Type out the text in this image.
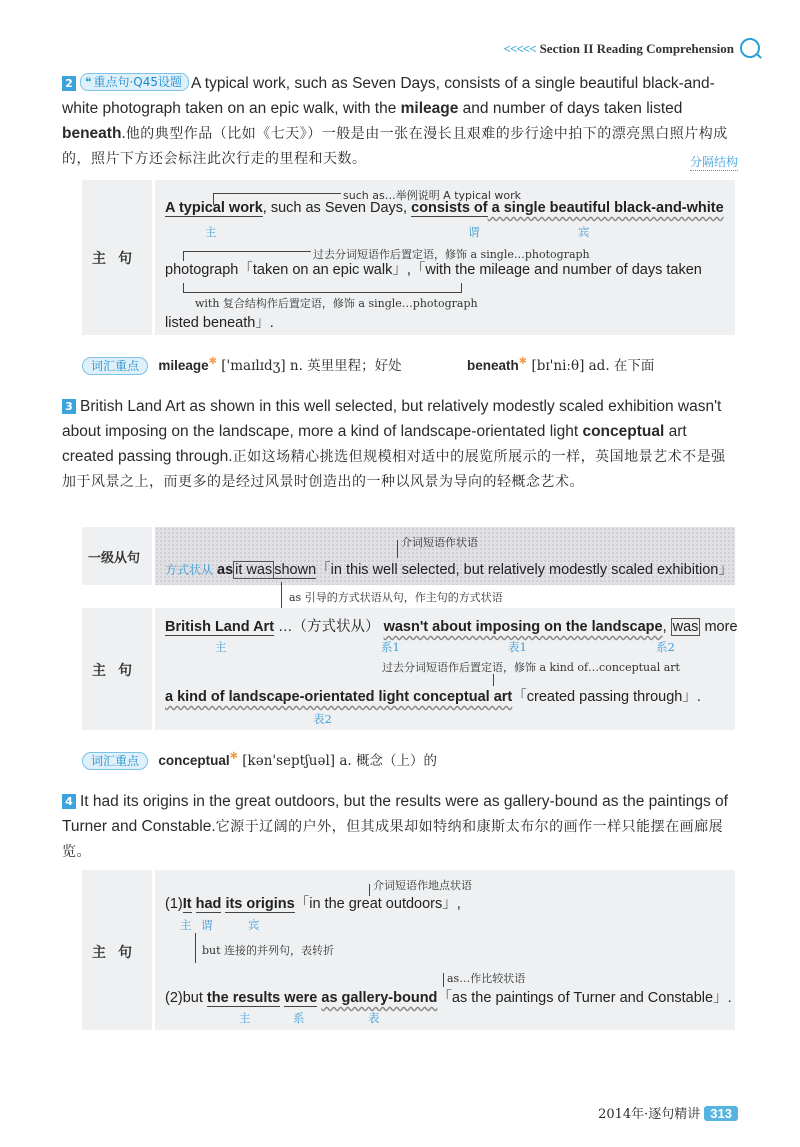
<<<<< Section II Reading Comprehension
2 ❝ 重点句·Q45设题 A typical work, such as Seven Days, consists of a single beautiful black-and-white photograph taken on an epic walk, with the mileage and number of days taken listed beneath.他的典型作品（比如《七天》）一般是由一张在漫长且艰难的步行途中拍下的漂亮黑白照片构成的，照片下方还会标注此次行走的里程和天数。	分隔结构
主句
such as…举例说明 A typical work
A typical work, such as Seven Days, consists of a single beautiful black-and-white
主	谓	宾
过去分词短语作后置定语，修饰 a single…photograph
photograph「taken on an epic walk」,「with the mileage and number of days taken
with 复合结构作后置定语，修饰 a single…photograph
listed beneath」.
词汇重点 mileage✱ ['maɪlɪdʒ] n. 英里里程；好处	beneath✱ [bɪ'niːθ] ad. 在下面
3 British Land Art as shown in this well selected, but relatively modestly scaled exhibition wasn't about imposing on the landscape, more a kind of landscape-orientated light conceptual art created passing through.正如这场精心挑选但规模相对适中的展览所展示的一样，英国地景艺术不是强加于风景之上，而更多的是经过风景时创造出的一种以风景为导向的轻概念艺术。
一级从句
介词短语作状语
方式状从 as it was shown「in this well selected, but relatively modestly scaled exhibition」
as 引导的方式状语从句，作主句的方式状语
主句
British Land Art …（方式状从） wasn't about imposing on the landscape, was more
主	系1	表1	系2
过去分词短语作后置定语，修饰 a kind of…conceptual art
a kind of landscape-orientated light conceptual art「created passing through」.
表2
词汇重点 conceptual✱ [kən'septʃuəl] a. 概念（上）的
4 It had its origins in the great outdoors, but the results were as gallery-bound as the paintings of Turner and Constable.它源于辽阔的户外，但其成果却如特纳和康斯太布尔的画作一样只能摆在画廊展览。
主句
介词短语作地点状语
(1)It had its origins「in the great outdoors」,
主 谓	宾
but 连接的并列句，表转折
as…作比较状语
(2)but the results were as gallery-bound「as the paintings of Turner and Constable」.
主	系	表
2014年·逐句精讲 313
